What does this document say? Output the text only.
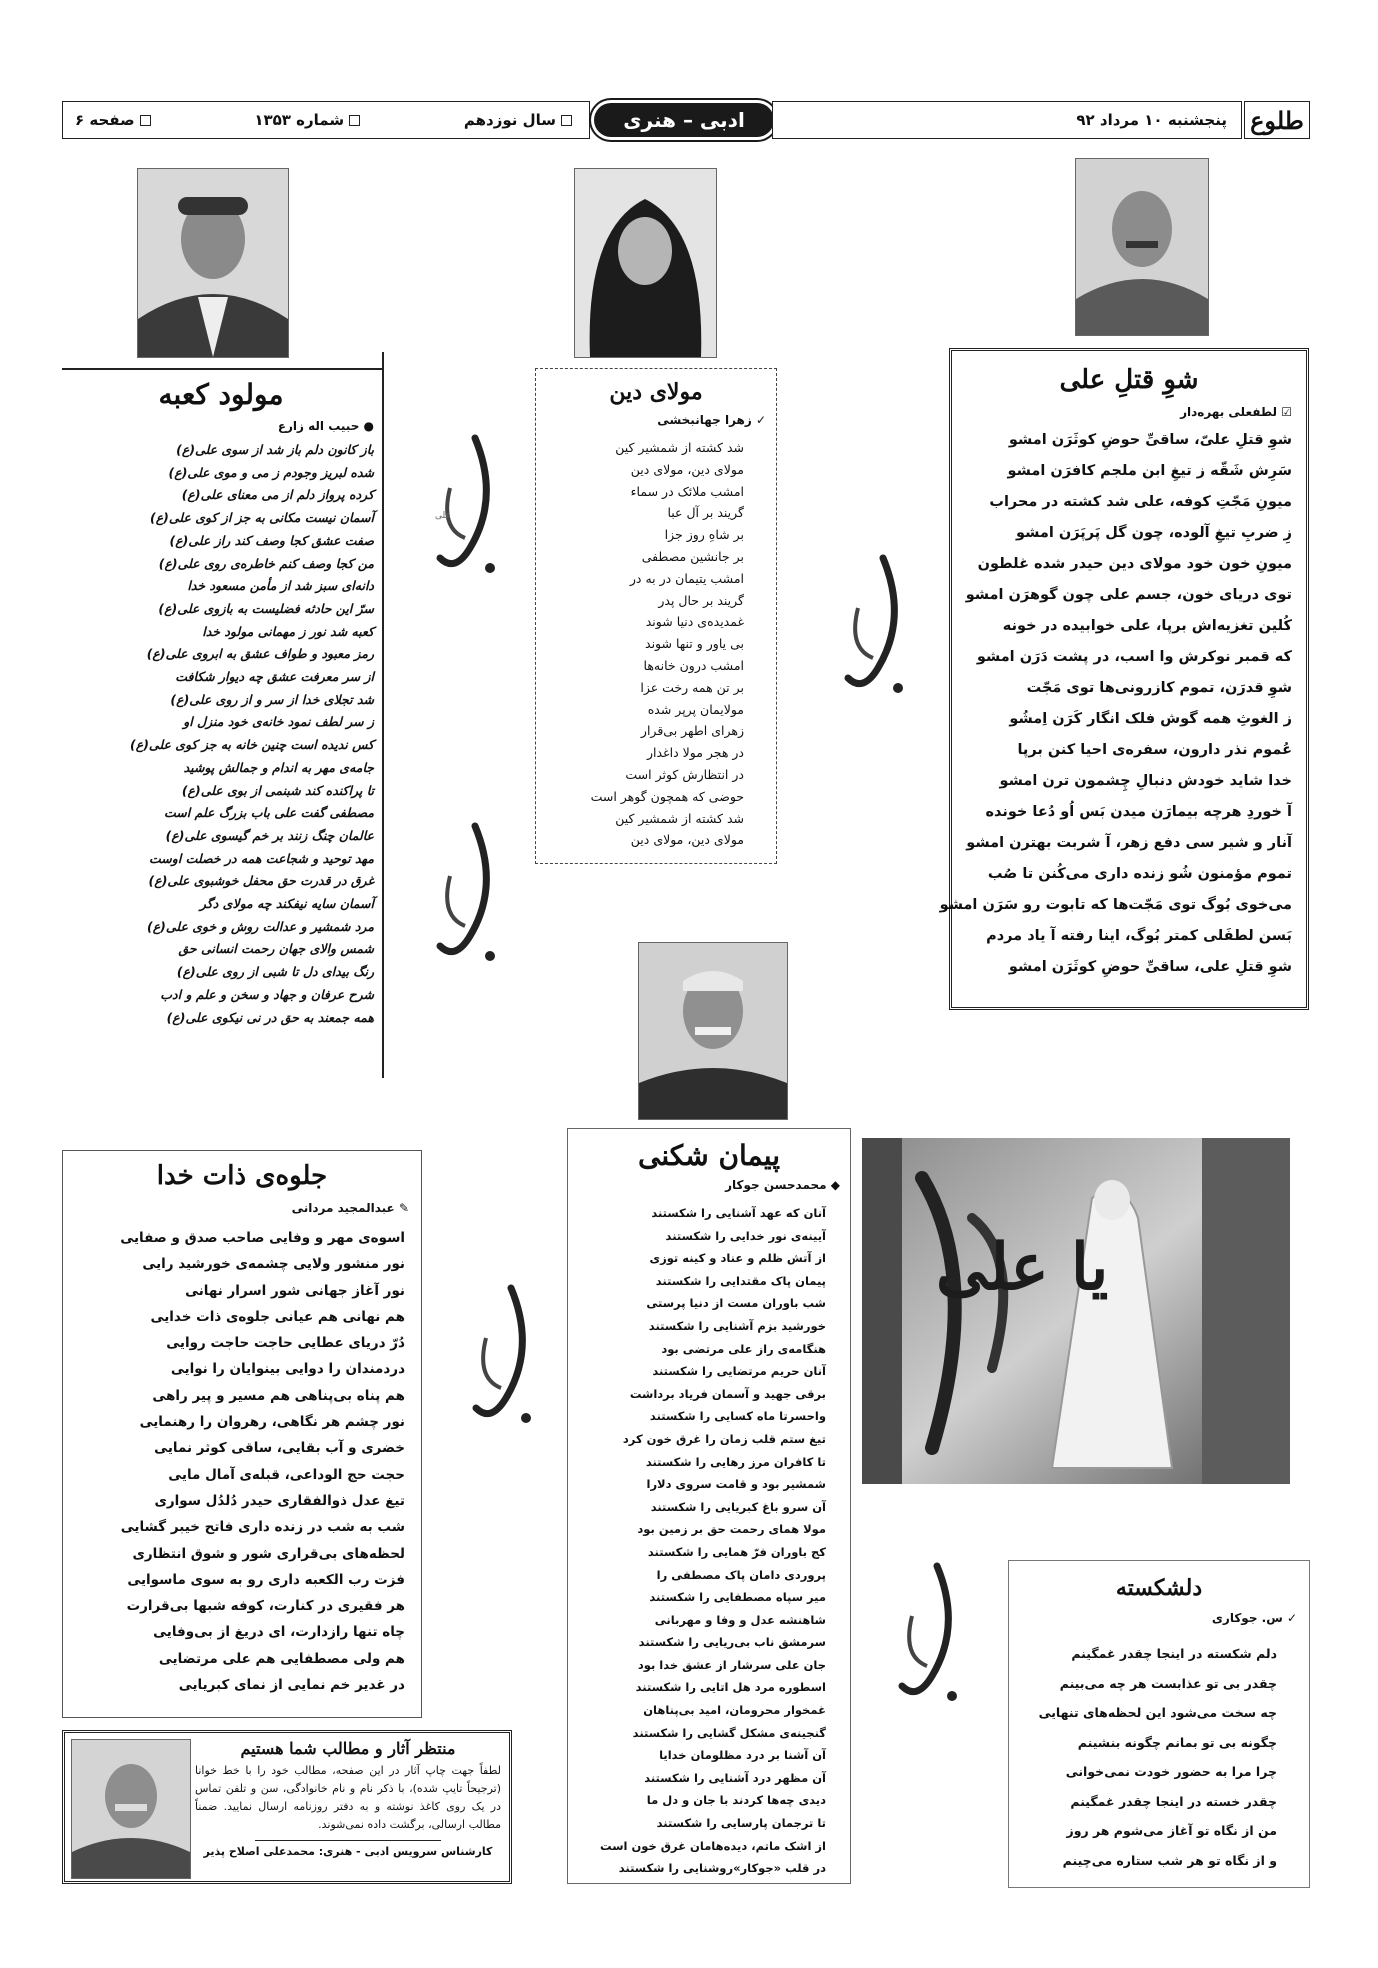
سال نوزدهم
شماره ۱۳۵۳
صفحه ۶	ادبی – هنری	پنجشنبه ۱۰ مرداد ۹۲ طلوع
شوِ قتلِ علی
☑ لطفعلی بهره‌دار
شوِ قتلِ علیّ، ساقیِّ حوضِ کوثَرَن امشو
سَرِش شَقّه ز تیغِ ابن ملجم کافرَن امشو
میونِ مَجّتِ کوفه، علی شد کشته در محراب
زِ ضربِ تیغِ آلوده، چون گل پَرپَرَن امشو
میونِ خون خود مولای دین حیدر شده غلطون
توی دریای خون، جسم علی چون گوهرَن امشو
کُلین تغزیه‌اش برپا، علی خوابیده در خونه
که قمبر نوکرش وا اسب، در پشت دَرَن امشو
شوِ قدرَن، تموم کازرونی‌ها توی مَجّت
ز الغوثِ همه گوش فلک انگار کَرَن اِمشُو
عُموم نذر دارون، سفره‌ی احیا کنن برپا
خدا شاید خودش دنبالِ چِشمون ترن امشو
آ خوردِ هرچه بیمارَن میدن بَس اُو دُعا خونده
آنار و شیر سی دفع زهر، آ شربت بهترن امشو
تموم مؤمنون شُو زنده داری می‌کُنن تا صُب
می‌خوی بُوگ توی مَجّت‌ها که تابوت رو سَرَن امشو
بَسن لطفَلی کمتر بُوگ، اینا رفته آ یاد مردم
شوِ قتلِ علی، ساقیِّ حوضِ کوثَرَن امشو
مولای دین
✓ زهرا جهانبخشی
شد کشته از شمشیر کین
مولای دین، مولای دین
امشب ملائک در سماء
گریند بر آل عبا
بر شاهِ روز جزا
بر جانشین مصطفی
امشب یتیمان در به در
گریند بر حال پدر
غمدیده‌ی دنیا شوند
بی یاور و تنها شوند
امشب درون خانه‌ها
بر تن همه رخت عزا
مولایمان پرپر شده
زهرای اطهر بی‌قرار
در هجر مولا داغدار
در انتظارش کوثر است
حوضی که همچون گوهر است
شد کشته از شمشیر کین
مولای دین، مولای دین
مولود کعبه
● حبیب اله زارع
باز کانون دلم باز شد از سوی علی(ع)
شده لبریز وجودم ز می و موی علی(ع)
کرده پرواز دلم از می معنای علی(ع)
آسمان نیست مکانی به جز از کوی علی(ع)
صفت عشق کجا وصف کند راز علی(ع)
من کجا وصف کنم خاطره‌ی روی علی(ع)
دانه‌ای سبز شد از مأمن مسعود خدا
سرّ این حادثه فضلیست به بازوی علی(ع)
کعبه شد نور ز مهمانی مولود خدا
رمز معبود و طواف عشق به ابروی علی(ع)
از سر معرفت عشق چه دیوار شکافت
شد تجلای خدا از سر و از روی علی(ع)
ز سر لطف نمود خانه‌ی خود منزل او
کس ندیده است چنین خانه به جز کوی علی(ع)
جامه‌ی مهر به اندام و جمالش پوشید
تا پراکنده کند شبنمی از بوی علی(ع)
مصطفی گفت علی باب بزرگ علم است
عالمان چنگ زنند بر خم گیسوی علی(ع)
مهد توحید و شجاعت همه در خصلت اوست
غرق در قدرت حق محفل خوشبوی علی(ع)
آسمان سایه نیفکند چه مولای دگر
مرد شمشیر و عدالت روش و خوی علی(ع)
شمس والای جهان رحمت انسانی حق
رنگ بیدای دل تا شبی از روی علی(ع)
شرح عرفان و جهاد و سخن و علم و ادب
همه جمعند به حق در نی نیکوی علی(ع)
جلوه‌ی ذات خدا
✎ عبدالمجید مردانی
اسوه‌ی مهر و وفایی صاحب صدق و صفایی
نور منشور ولایی چشمه‌ی خورشید رایی
نور آغاز جهانی شور اسرار نهانی
هم نهانی هم عیانی جلوه‌ی ذات خدایی
دُرّ دریای عطایی حاجت حاجت روایی
دردمندان را دوایی بینوایان را نوایی
هم پناه بی‌پناهی هم مسیر و پیر راهی
نور چشم هر نگاهی، رهروان را رهنمایی
خضری و آب بقایی، ساقی کوثر نمایی
حجت حج الوداعی، قبله‌ی آمال مایی
تیغ عدل ذوالفقاری حیدر دُلدُل سواری
شب به شب در زنده داری فاتح خیبر گشایی
لحظه‌های بی‌قراری شور و شوق انتظاری
فزت رب الکعبه داری رو به سوی ماسوایی
هر فقیری در کنارت، کوفه شبها بی‌قرارت
چاه تنها رازدارت، ای دریغ از بی‌وفایی
هم ولی مصطفایی هم علی مرتضایی
در غدیر خم نمایی از نمای کبریایی
پیمان شکنی
◆ محمدحسن جوکار
آنان که عهد آشنایی را شکستند
آیینه‌ی نور خدایی را شکستند
از آتش ظلم و عناد و کینه توزی
پیمان پاک مقتدایی را شکستند
شب باوران مست از دنیا پرستی
خورشید بزم آشنایی را شکستند
هنگامه‌ی راز علی مرتضی بود
آنان حریم مرتضایی را شکستند
برقی جهید و آسمان فریاد برداشت
واحسرتا ماه کسایی را شکستند
تیغ ستم قلب زمان را غرق خون کرد
تا کافران مرز رهایی را شکستند
شمشیر بود و قامت سروی دلارا
آن سرو باغ کبریایی را شکستند
مولا همای رحمت حق بر زمین بود
کج باوران فرّ همایی را شکستند
پروردی دامان پاک مصطفی را
میر سپاه مصطفایی را شکستند
شاهنشه عدل و وفا و مهربانی
سرمشق ناب بی‌ریایی را شکستند
جان علی سرشار از عشق خدا بود
اسطوره مرد هل اتایی را شکستند
غمخوار محرومان، امید بی‌پناهان
گنجینه‌ی مشکل گشایی را شکستند
آن آشنا بر درد مظلومان خدایا
آن مظهر درد آشنایی را شکستند
دیدی چه‌ها کردند با جان و دل ما
تا ترجمان پارسایی را شکستند
از اشک ماتم، دیده‌هامان غرق خون است
در قلب «جوکار»روشنایی را شکستند
دلشکسته
✓ س. جوکاری
دلم شکسته در اینجا چقدر غمگینم
چقدر بی تو عذابست هر چه می‌بینم
چه سخت می‌شود این لحظه‌های تنهایی
چگونه بی تو بمانم چگونه بنشینم
چرا مرا به حضور خودت نمی‌خوانی
چقدر خسته در اینجا چقدر غمگینم
من از نگاه تو آغاز می‌شوم هر روز
و از نگاه تو هر شب ستاره می‌چینم
یا علی
علی
منتظر آثار و مطالب شما هستیم
لطفاً جهت چاپ آثار در این صفحه، مطالب خود را با خط خوانا (ترجیحاً تایپ شده)، با ذکر نام و نام خانوادگی، سن و تلفن تماس در یک روی کاغذ نوشته و به دفتر روزنامه ارسال نمایید. ضمناً مطالب ارسالی، برگشت داده نمی‌شوند.
کارشناس سرویس ادبی - هنری: محمدعلی اصلاح پذیر
